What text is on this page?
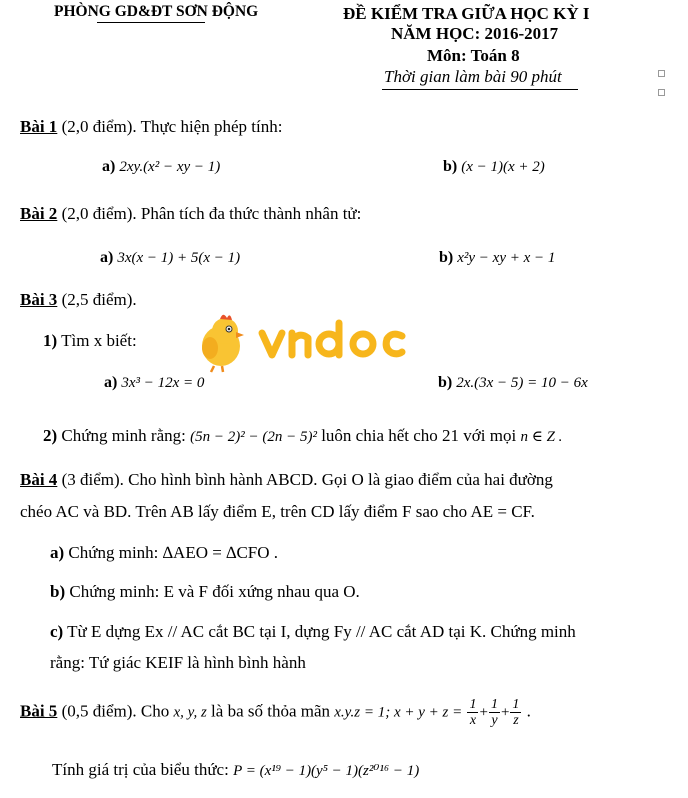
PHÒNG GD&ĐT SƠN ĐỘNG	ĐỀ KIỂM TRA GIỮA HỌC KỲ I
NĂM HỌC: 2016-2017
Môn: Toán 8
Thời gian làm bài 90 phút
Bài 1 (2,0 điểm). Thực hiện phép tính:
a) 2xy.(x² − xy − 1)	b) (x − 1)(x + 2)
Bài 2 (2,0 điểm). Phân tích đa thức thành nhân tử:
a) 3x(x − 1) + 5(x − 1)	b) x²y − xy + x − 1
Bài 3 (2,5 điểm).
1) Tìm x biết:
a) 3x³ − 12x = 0	b) 2x.(3x − 5) = 10 − 6x
2) Chứng minh rằng: (5n − 2)² − (2n − 5)² luôn chia hết cho 21 với mọi n ∈ Z .
Bài 4 (3 điểm). Cho hình bình hành ABCD. Gọi O là giao điểm của hai đường
chéo AC và BD. Trên AB lấy điểm E, trên CD lấy điểm F sao cho AE = CF.
a) Chứng minh: ∆AEO = ∆CFO .
b) Chứng minh: E và F đối xứng nhau qua O.
c) Từ E dựng Ex // AC cắt BC tại I, dựng Fy // AC cắt AD tại K. Chứng minh
rằng: Tứ giác KEIF là hình bình hành
Bài 5 (0,5 điểm). Cho x, y, z là ba số thỏa mãn x.y.z = 1; $x + y + z = \frac{1}{x} + \frac{1}{y} + \frac{1}{z}$ .
Tính giá trị của biểu thức: P = (x¹⁹ − 1)(y⁵ − 1)(z²⁰¹⁶ − 1)
